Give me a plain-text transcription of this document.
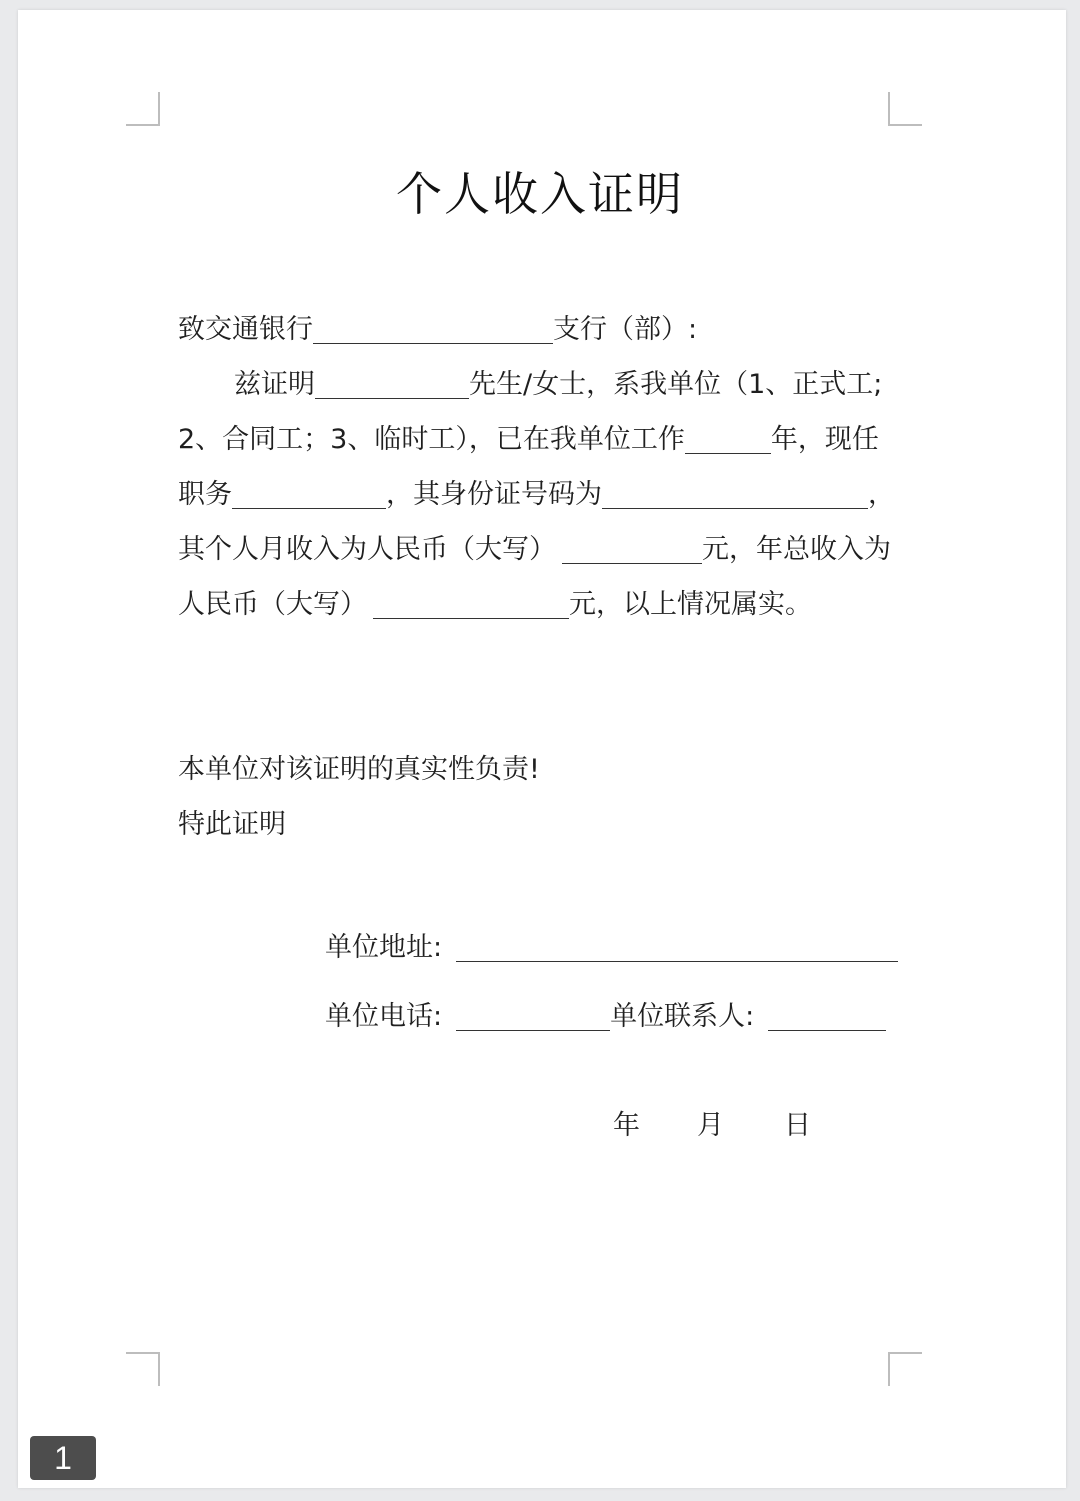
个人收入证明
致交通银行	支行（部）:
兹证明	先生/女士，系我单位（1、正式工;
2、合同工；3、临时工），已在我单位工作	年，现任
职务	，其身份证号码为	，
其个人月收入为人民币（大写）	元，年总收入为
人民币（大写）	元，以上情况属实。
本单位对该证明的真实性负责!
特此证明
单位地址:
单位电话:	单位联系人:
年 月 日
1
